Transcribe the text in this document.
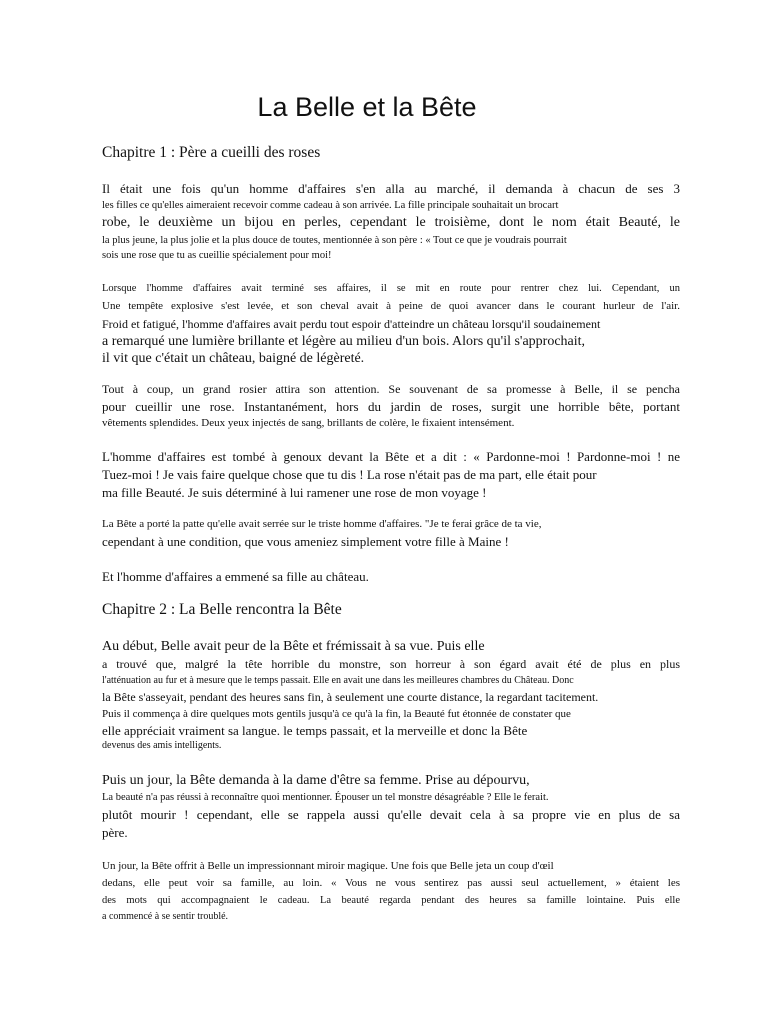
La Belle et la Bête
Chapitre 1 : Père a cueilli des roses
Il était une fois qu'un homme d'affaires s'en alla au marché, il demanda à chacun de ses 3
les filles ce qu'elles aimeraient recevoir comme cadeau à son arrivée. La fille principale souhaitait un brocart
robe, le deuxième un bijou en perles, cependant le troisième, dont le nom était Beauté, le
la plus jeune, la plus jolie et la plus douce de toutes, mentionnée à son père : « Tout ce que je voudrais pourrait
sois une rose que tu as cueillie spécialement pour moi!
Lorsque l'homme d'affaires avait terminé ses affaires, il se mit en route pour rentrer chez lui. Cependant, un
Une tempête explosive s'est levée, et son cheval avait à peine de quoi avancer dans le courant hurleur de l'air.
Froid et fatigué, l'homme d'affaires avait perdu tout espoir d'atteindre un château lorsqu'il soudainement
a remarqué une lumière brillante et légère au milieu d'un bois. Alors qu'il s'approchait,
il vit que c'était un château, baigné de légèreté.
Tout à coup, un grand rosier attira son attention. Se souvenant de sa promesse à Belle, il se pencha
pour cueillir une rose. Instantanément, hors du jardin de roses, surgit une horrible bête, portant
vêtements splendides. Deux yeux injectés de sang, brillants de colère, le fixaient intensément.
L'homme d'affaires est tombé à genoux devant la Bête et a dit : « Pardonne-moi ! Pardonne-moi ! ne
Tuez-moi ! Je vais faire quelque chose que tu dis ! La rose n'était pas de ma part, elle était pour
ma fille Beauté. Je suis déterminé à lui ramener une rose de mon voyage !
La Bête a porté la patte qu'elle avait serrée sur le triste homme d'affaires. "Je te ferai grâce de ta vie,
cependant à une condition, que vous ameniez simplement votre fille à Maine !
Et l'homme d'affaires a emmené sa fille au château.
Chapitre 2 : La Belle rencontra la Bête
Au début, Belle avait peur de la Bête et frémissait à sa vue. Puis elle
a trouvé que, malgré la tête horrible du monstre, son horreur à son égard avait été de plus en plus
l'atténuation au fur et à mesure que le temps passait. Elle en avait une dans les meilleures chambres du Château. Donc
la Bête s'asseyait, pendant des heures sans fin, à seulement une courte distance, la regardant tacitement.
Puis il commença à dire quelques mots gentils jusqu'à ce qu'à la fin, la Beauté fut étonnée de constater que
elle appréciait vraiment sa langue. le temps passait, et la merveille et donc la Bête
devenus des amis intelligents.
Puis un jour, la Bête demanda à la dame d'être sa femme. Prise au dépourvu,
La beauté n'a pas réussi à reconnaître quoi mentionner. Épouser un tel monstre désagréable ? Elle le ferait.
plutôt mourir ! cependant, elle se rappela aussi qu'elle devait cela à sa propre vie en plus de sa
père.
Un jour, la Bête offrit à Belle un impressionnant miroir magique. Une fois que Belle jeta un coup d'œil
dedans, elle peut voir sa famille, au loin. « Vous ne vous sentirez pas aussi seul actuellement, » étaient les
des mots qui accompagnaient le cadeau. La beauté regarda pendant des heures sa famille lointaine. Puis elle
a commencé à se sentir troublé.
